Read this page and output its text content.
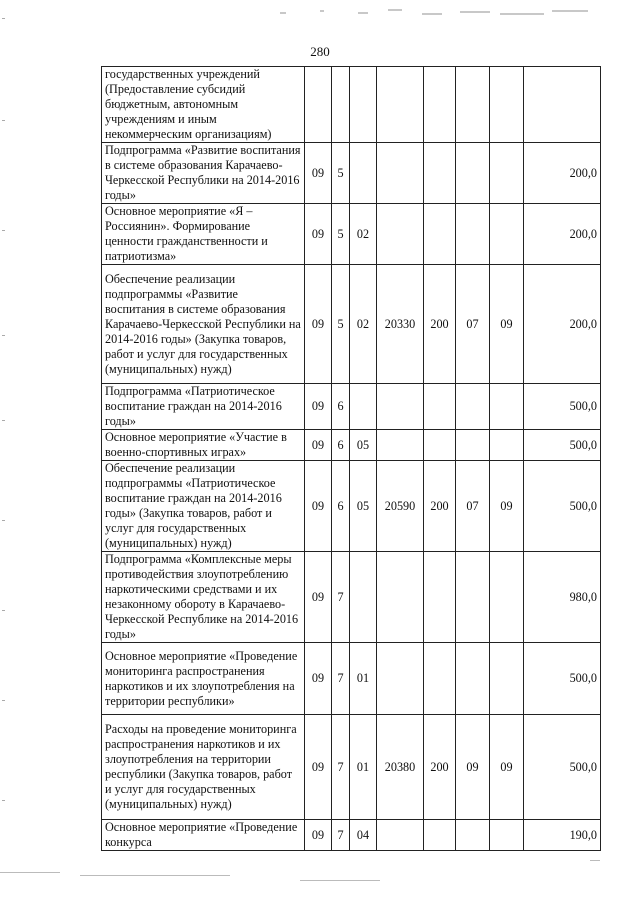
280
государственных учреждений (Предоставление субсидий бюджетным, автономным учреждениям и иным некоммерческим организациям)								
Подпрограмма «Развитие воспитания в системе образования Карачаево-Черкесской Республики на 2014-2016 годы»	09	5						200,0
Основное мероприятие «Я – Россиянин». Формирование ценности гражданственности и патриотизма»	09	5	02					200,0
Обеспечение реализации подпрограммы «Развитие воспитания в системе образования Карачаево-Черкесской Республики на 2014-2016 годы» (Закупка товаров, работ и услуг для государственных (муниципальных) нужд)	09	5	02	20330	200	07	09	200,0
Подпрограмма «Патриотическое воспитание граждан на 2014-2016 годы»	09	6						500,0
Основное мероприятие «Участие в военно-спортивных играх»	09	6	05					500,0
Обеспечение реализации подпрограммы «Патриотическое воспитание граждан на 2014-2016 годы» (Закупка товаров, работ и услуг для государственных (муниципальных) нужд)	09	6	05	20590	200	07	09	500,0
Подпрограмма «Комплексные меры противодействия злоупотреблению наркотическими средствами и их незаконному обороту в Карачаево-Черкесской Республике на 2014-2016 годы»	09	7						980,0
Основное мероприятие «Проведение мониторинга распространения наркотиков и их злоупотребления на территории республики»	09	7	01					500,0
Расходы на проведение мониторинга распространения наркотиков и их злоупотребления на территории республики (Закупка товаров, работ и услуг для государственных (муниципальных) нужд)	09	7	01	20380	200	09	09	500,0
Основное мероприятие «Проведение конкурса	09	7	04					190,0
